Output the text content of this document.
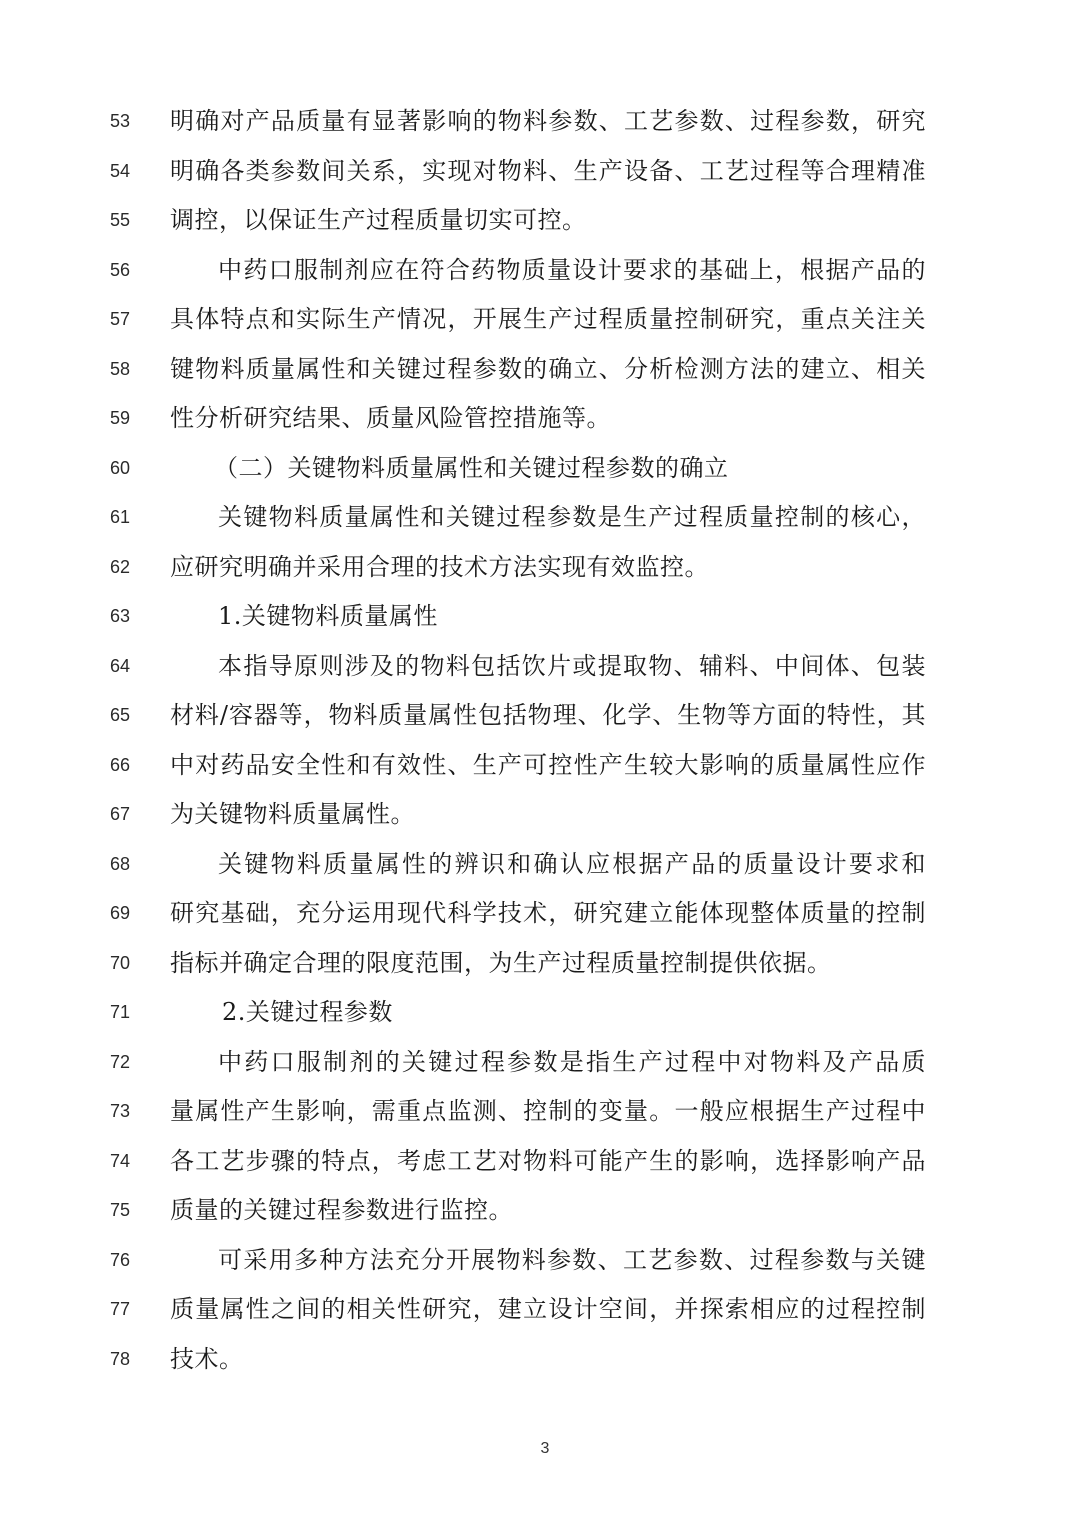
53	明确对产品质量有显著影响的物料参数、工艺参数、过程参数，研究
54	明确各类参数间关系，实现对物料、生产设备、工艺过程等合理精准
55	调控，以保证生产过程质量切实可控。
56	中药口服制剂应在符合药物质量设计要求的基础上，根据产品的
57	具体特点和实际生产情况，开展生产过程质量控制研究，重点关注关
58	键物料质量属性和关键过程参数的确立、分析检测方法的建立、相关
59	性分析研究结果、质量风险管控措施等。
60	（二）关键物料质量属性和关键过程参数的确立
61	关键物料质量属性和关键过程参数是生产过程质量控制的核心，
62	应研究明确并采用合理的技术方法实现有效监控。
63	1.关键物料质量属性
64	本指导原则涉及的物料包括饮片或提取物、辅料、中间体、包装
65	材料/容器等，物料质量属性包括物理、化学、生物等方面的特性，其
66	中对药品安全性和有效性、生产可控性产生较大影响的质量属性应作
67	为关键物料质量属性。
68	关键物料质量属性的辨识和确认应根据产品的质量设计要求和
69	研究基础，充分运用现代科学技术，研究建立能体现整体质量的控制
70	指标并确定合理的限度范围，为生产过程质量控制提供依据。
71	2.关键过程参数
72	中药口服制剂的关键过程参数是指生产过程中对物料及产品质
73	量属性产生影响，需重点监测、控制的变量。一般应根据生产过程中
74	各工艺步骤的特点，考虑工艺对物料可能产生的影响，选择影响产品
75	质量的关键过程参数进行监控。
76	可采用多种方法充分开展物料参数、工艺参数、过程参数与关键
77	质量属性之间的相关性研究，建立设计空间，并探索相应的过程控制
78	技术。
3
